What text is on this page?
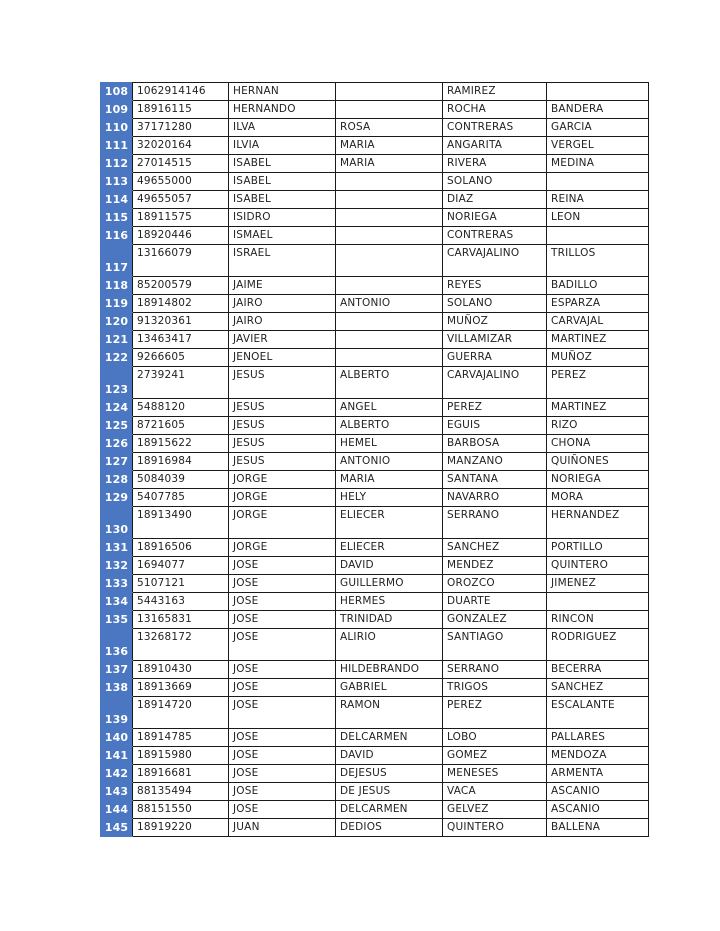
108	1062914146	HERNAN		RAMIREZ	
109	18916115	HERNANDO		ROCHA	BANDERA
110	37171280	ILVA	ROSA	CONTRERAS	GARCIA
111	32020164	ILVIA	MARIA	ANGARITA	VERGEL
112	27014515	ISABEL	MARIA	RIVERA	MEDINA
113	49655000	ISABEL		SOLANO	
114	49655057	ISABEL		DIAZ	REINA
115	18911575	ISIDRO		NORIEGA	LEON
116	18920446	ISMAEL		CONTRERAS	
117	13166079	ISRAEL		CARVAJALINO	TRILLOS
118	85200579	JAIME		REYES	BADILLO
119	18914802	JAIRO	ANTONIO	SOLANO	ESPARZA
120	91320361	JAIRO		MUÑOZ	CARVAJAL
121	13463417	JAVIER		VILLAMIZAR	MARTINEZ
122	9266605	JENOEL		GUERRA	MUÑOZ
123	2739241	JESUS	ALBERTO	CARVAJALINO	PEREZ
124	5488120	JESUS	ANGEL	PEREZ	MARTINEZ
125	8721605	JESUS	ALBERTO	EGUIS	RIZO
126	18915622	JESUS	HEMEL	BARBOSA	CHONA
127	18916984	JESUS	ANTONIO	MANZANO	QUIÑONES
128	5084039	JORGE	MARIA	SANTANA	NORIEGA
129	5407785	JORGE	HELY	NAVARRO	MORA
130	18913490	JORGE	ELIECER	SERRANO	HERNANDEZ
131	18916506	JORGE	ELIECER	SANCHEZ	PORTILLO
132	1694077	JOSE	DAVID	MENDEZ	QUINTERO
133	5107121	JOSE	GUILLERMO	OROZCO	JIMENEZ
134	5443163	JOSE	HERMES	DUARTE	
135	13165831	JOSE	TRINIDAD	GONZALEZ	RINCON
136	13268172	JOSE	ALIRIO	SANTIAGO	RODRIGUEZ
137	18910430	JOSE	HILDEBRANDO	SERRANO	BECERRA
138	18913669	JOSE	GABRIEL	TRIGOS	SANCHEZ
139	18914720	JOSE	RAMON	PEREZ	ESCALANTE
140	18914785	JOSE	DELCARMEN	LOBO	PALLARES
141	18915980	JOSE	DAVID	GOMEZ	MENDOZA
142	18916681	JOSE	DEJESUS	MENESES	ARMENTA
143	88135494	JOSE	DE JESUS	VACA	ASCANIO
144	88151550	JOSE	DELCARMEN	GELVEZ	ASCANIO
145	18919220	JUAN	DEDIOS	QUINTERO	BALLENA
